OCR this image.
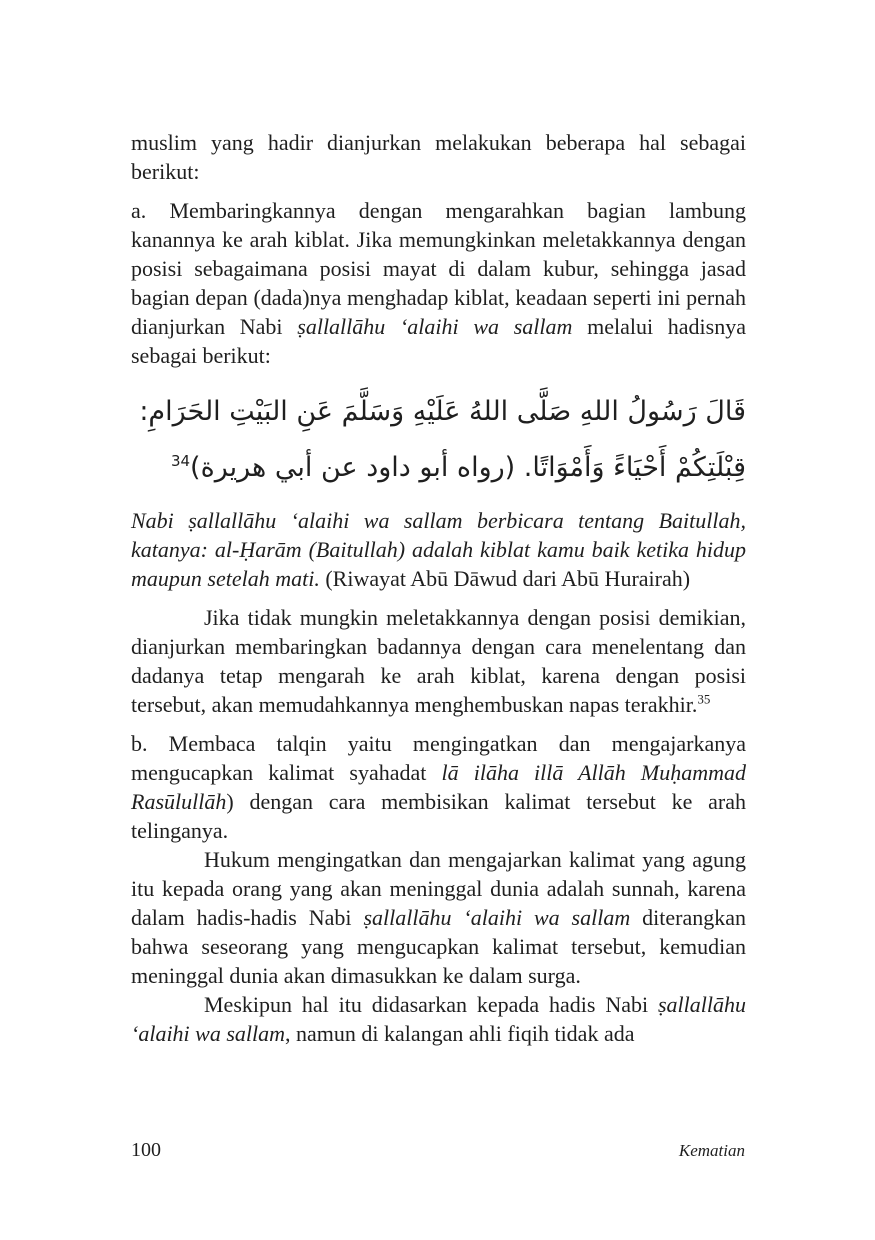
muslim yang hadir dianjurkan melakukan beberapa hal sebagai berikut:

a. Membaringkannya dengan mengarahkan bagian lambung kanannya ke arah kiblat. Jika memungkinkan meletakkannya dengan posisi sebagaimana posisi mayat di dalam kubur, sehingga jasad bagian depan (dada)nya menghadap kiblat, keadaan seperti ini pernah dianjurkan Nabi ṣallallāhu ‘alaihi wa sallam melalui hadisnya sebagai berikut:

قَالَ رَسُولُ اللهِ صَلَّى اللهُ عَلَيْهِ وَسَلَّمَ عَنِ البَيْتِ الحَرَامِ: قِبْلَتِكُمْ أَحْيَاءً وَأَمْوَاتًا. (رواه أبو داود عن أبي هريرة)$^{34}$

Nabi ṣallallāhu ‘alaihi wa sallam berbicara tentang Baitullah, katanya: al-Ḥarām (Baitullah) adalah kiblat kamu baik ketika hidup maupun setelah mati. (Riwayat Abū Dāwud dari Abū Hurairah)

Jika tidak mungkin meletakkannya dengan posisi demikian, dianjurkan membaringkan badannya dengan cara menelentang dan dadanya tetap mengarah ke arah kiblat, karena dengan posisi tersebut, akan memudahkannya menghembuskan napas terakhir.$^{35}$

b. Membaca talqin yaitu mengingatkan dan mengajarkanya mengucapkan kalimat syahadat lā ilāha illā Allāh Muḥammad Rasūlullāh) dengan cara membisikan kalimat tersebut ke arah telinganya.

Hukum mengingatkan dan mengajarkan kalimat yang agung itu kepada orang yang akan meninggal dunia adalah sunnah, karena dalam hadis-hadis Nabi ṣallallāhu ‘alaihi wa sallam diterangkan bahwa seseorang yang mengucapkan kalimat tersebut, kemudian meninggal dunia akan dimasukkan ke dalam surga.

Meskipun hal itu didasarkan kepada hadis Nabi ṣallallāhu ‘alaihi wa sallam, namun di kalangan ahli fiqih tidak ada

100	Kematian
